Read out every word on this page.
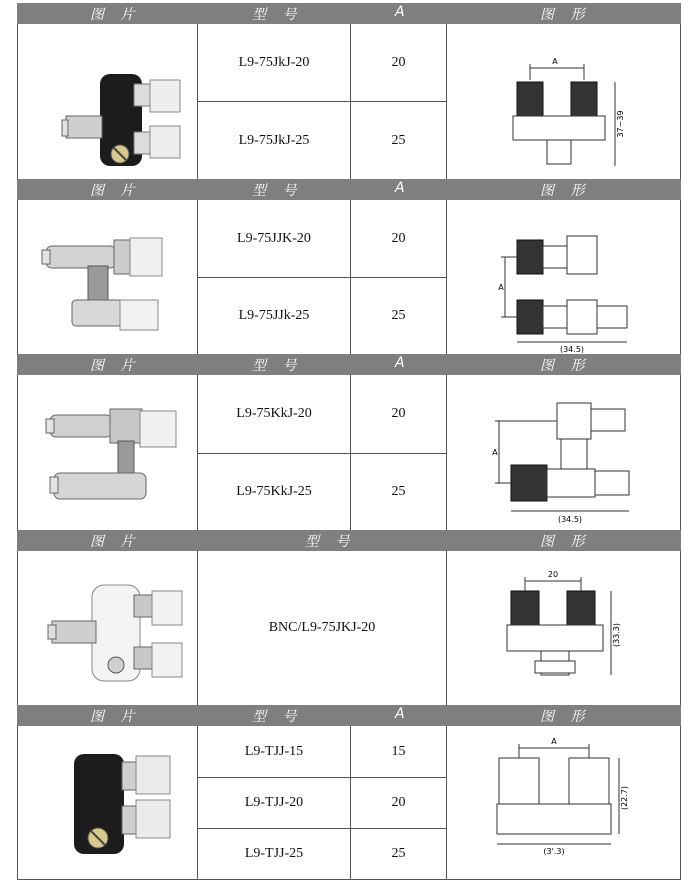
图 片	型 号	A	图 形
L9-75JkJ-20	20
L9-75JkJ-25	25
A
37~39
图 片	型 号	A	图 形
L9-75JJK-20	20
L9-75JJk-25	25
A
(34.5)
图 片	型 号	A	图 形
L9-75KkJ-20	20
L9-75KkJ-25	25
A
(34.5)
图 片	型 号	图 形
BNC/L9-75JKJ-20
20
(33.3)
图 片	型 号	A	图 形
L9-TJJ-15	15
L9-TJJ-20	20
L9-TJJ-25	25
A
(22.7)
(3'.3)
